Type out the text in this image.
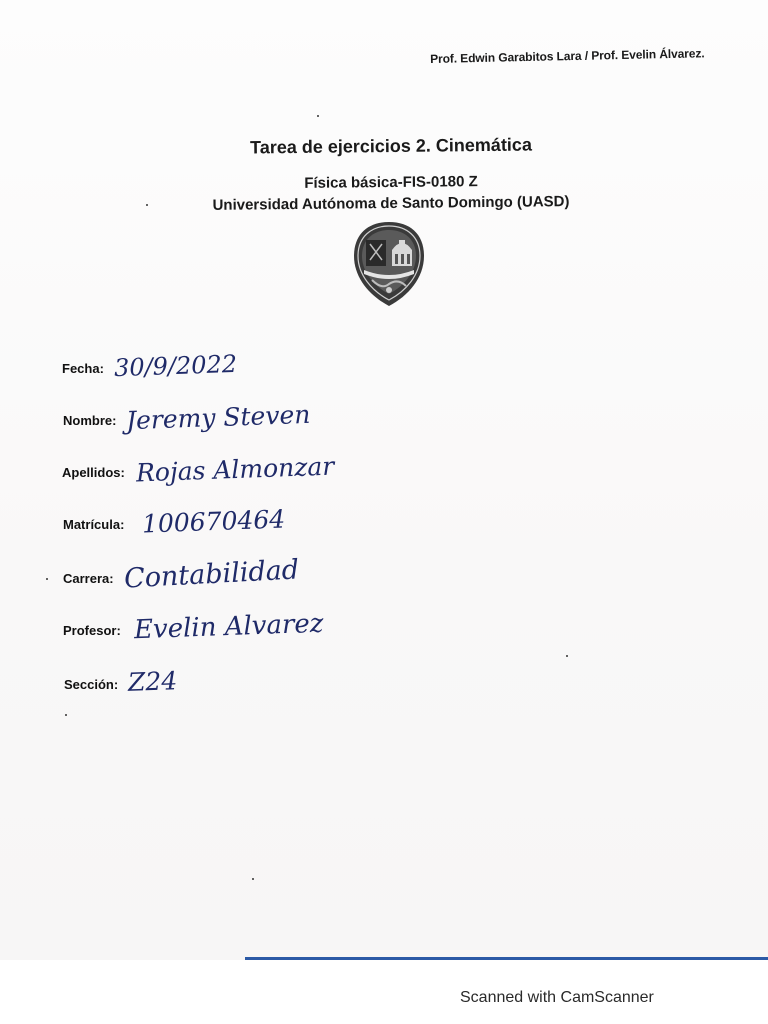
Prof. Edwin Garabitos Lara / Prof. Evelin Álvarez.
Tarea de ejercicios 2. Cinemática
Física básica-FIS-0180 Z
Universidad Autónoma de Santo Domingo (UASD)
Fecha: 30/9/2022
Nombre: Jeremy Steven
Apellidos: Rojas Almonzar
Matrícula: 100670464
Carrera: Contabilidad
Profesor: Evelin Alvarez
Sección: Z24
Scanned with CamScanner
